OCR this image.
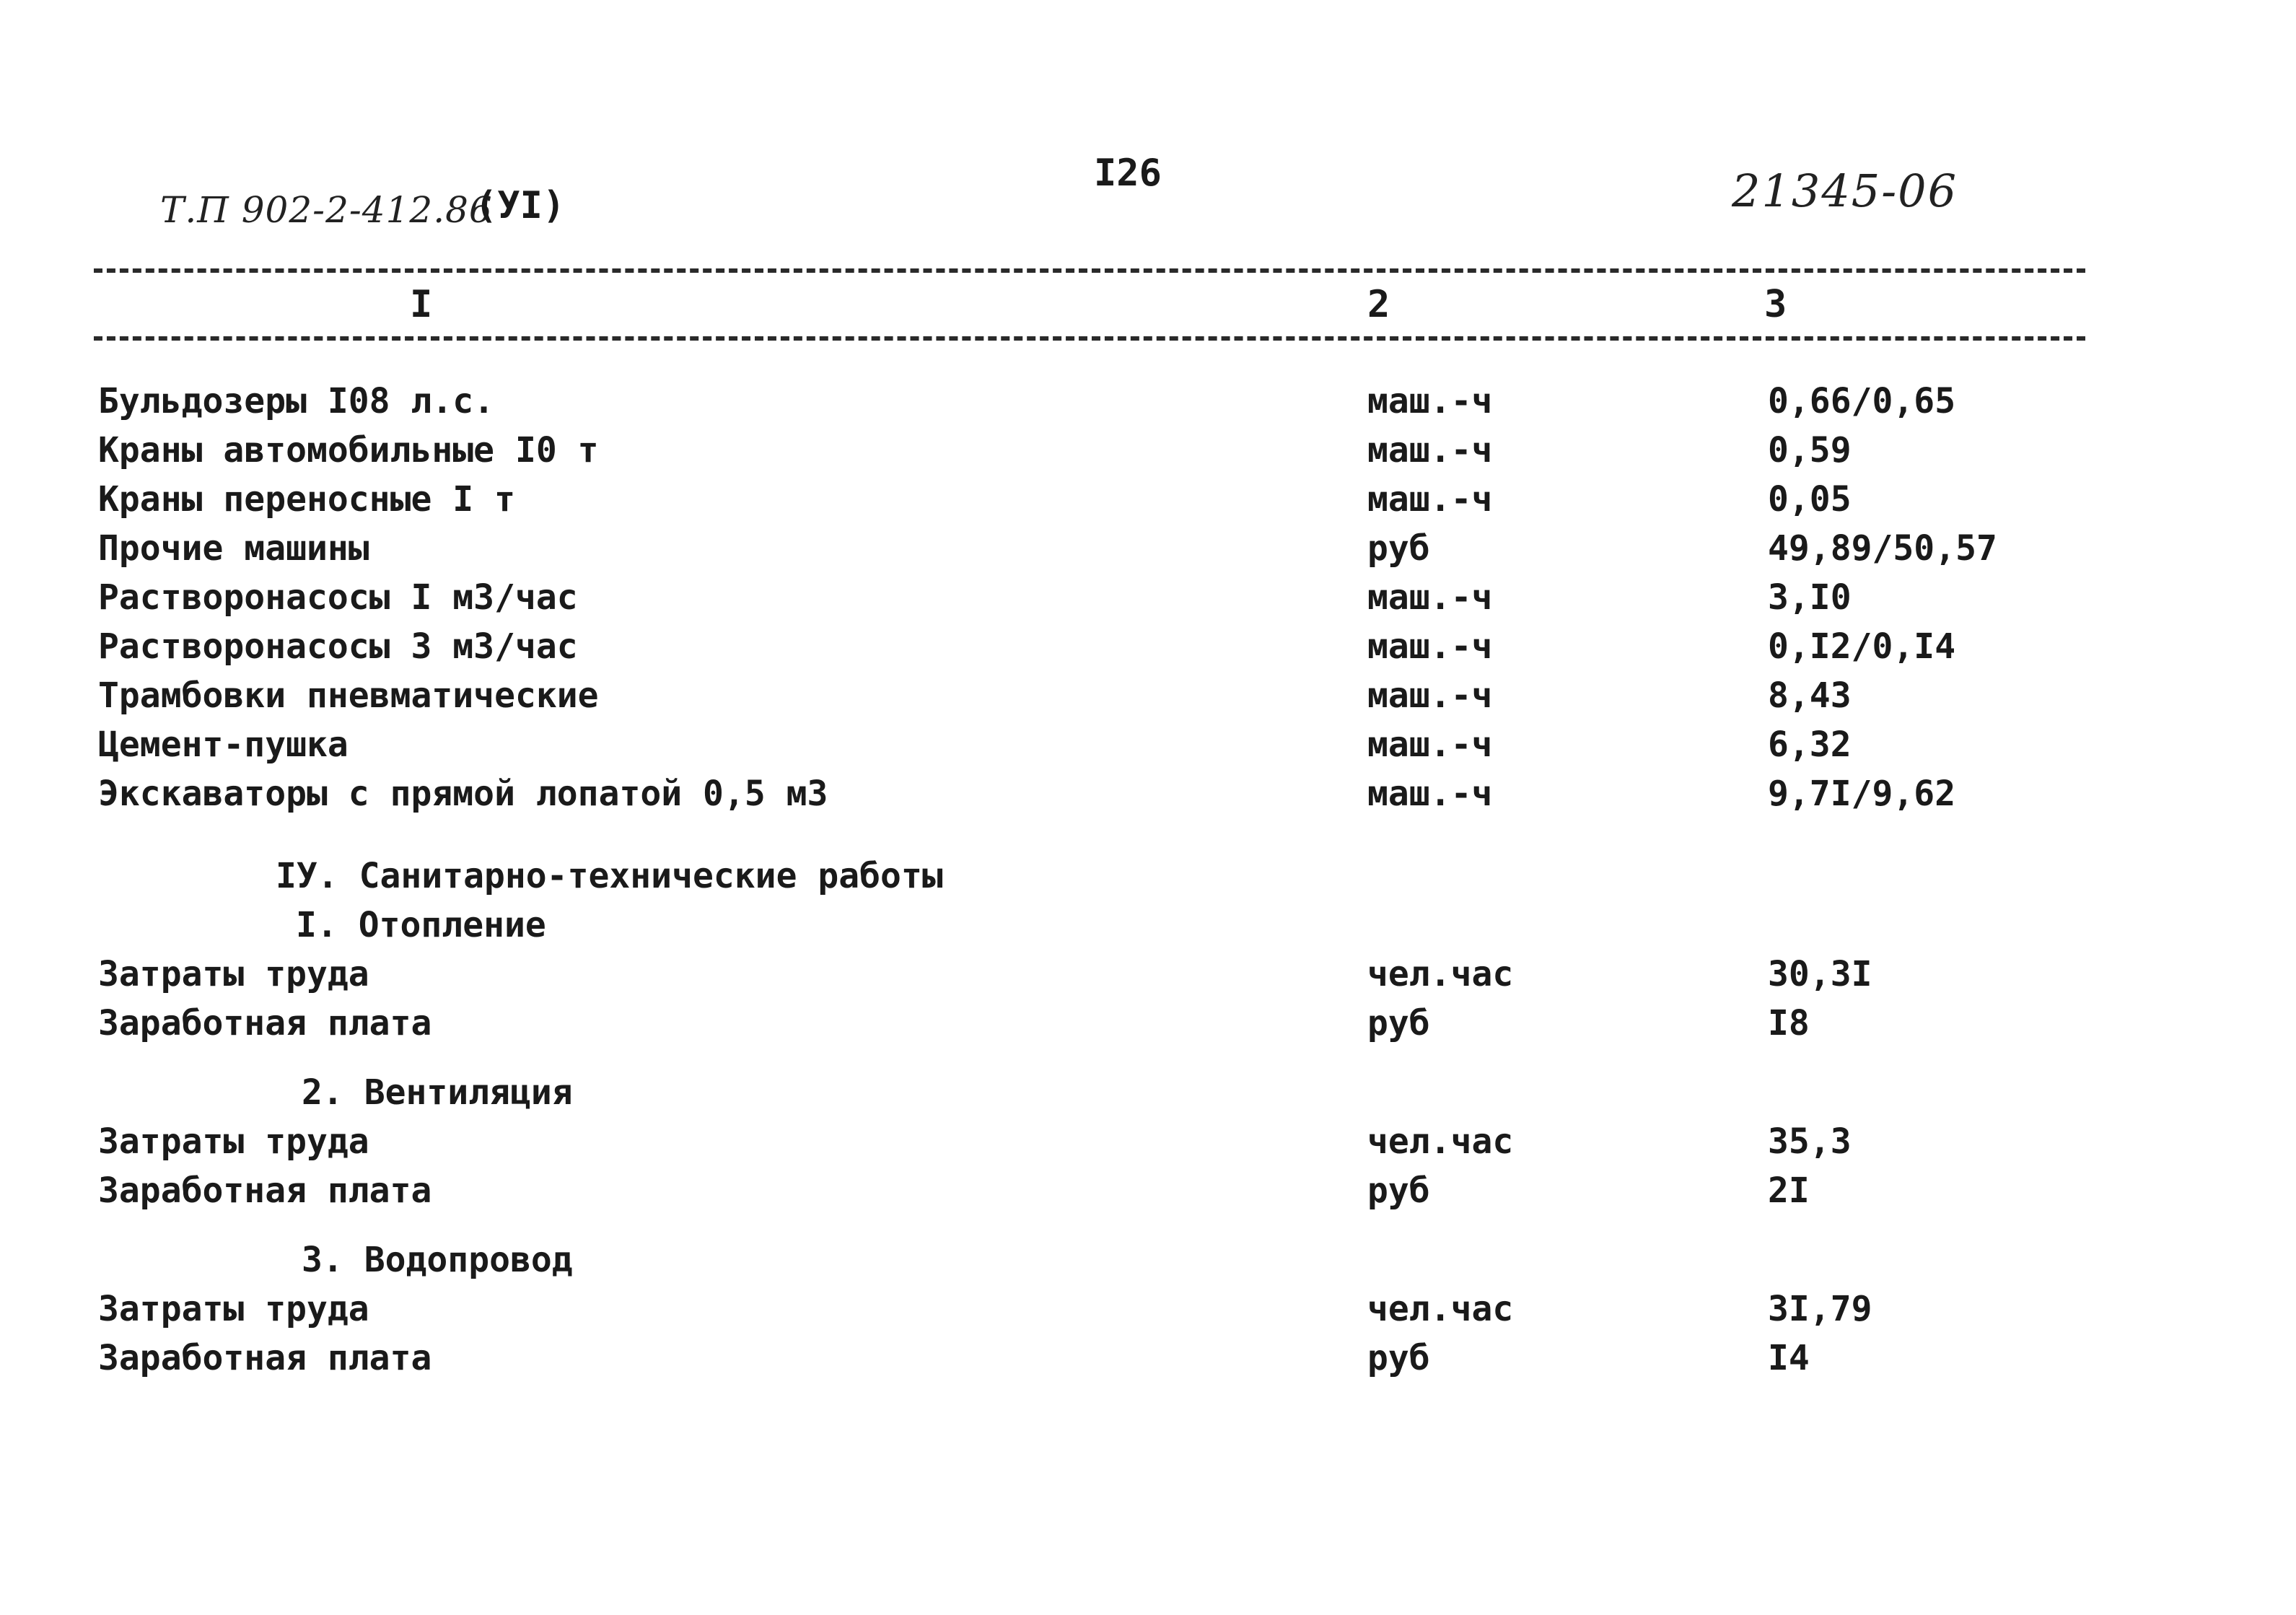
Т.П 902-2-412.86
(УI)
I26	21345-06
I	2	3
Бульдозеры I08 л.с.	маш.-ч	0,66/0,65
Краны автомобильные I0 т	маш.-ч	0,59
Краны переносные I т	маш.-ч	0,05
Прочие машины	руб	49,89/50,57
Растворонасосы I м3/час	маш.-ч	3,I0
Растворонасосы 3 м3/час	маш.-ч	0,I2/0,I4
Трамбовки пневматические	маш.-ч	8,43
Цемент-пушка	маш.-ч	6,32
Экскаваторы с прямой лопатой 0,5 м3	маш.-ч	9,7I/9,62
IУ. Санитарно-технические работы
I. Отопление
Затраты труда	чел.час	30,3I
Заработная плата	руб	I8
2. Вентиляция
Затраты труда	чел.час	35,3
Заработная плата	руб	2I
3. Водопровод
Затраты труда	чел.час	3I,79
Заработная плата	руб	I4
